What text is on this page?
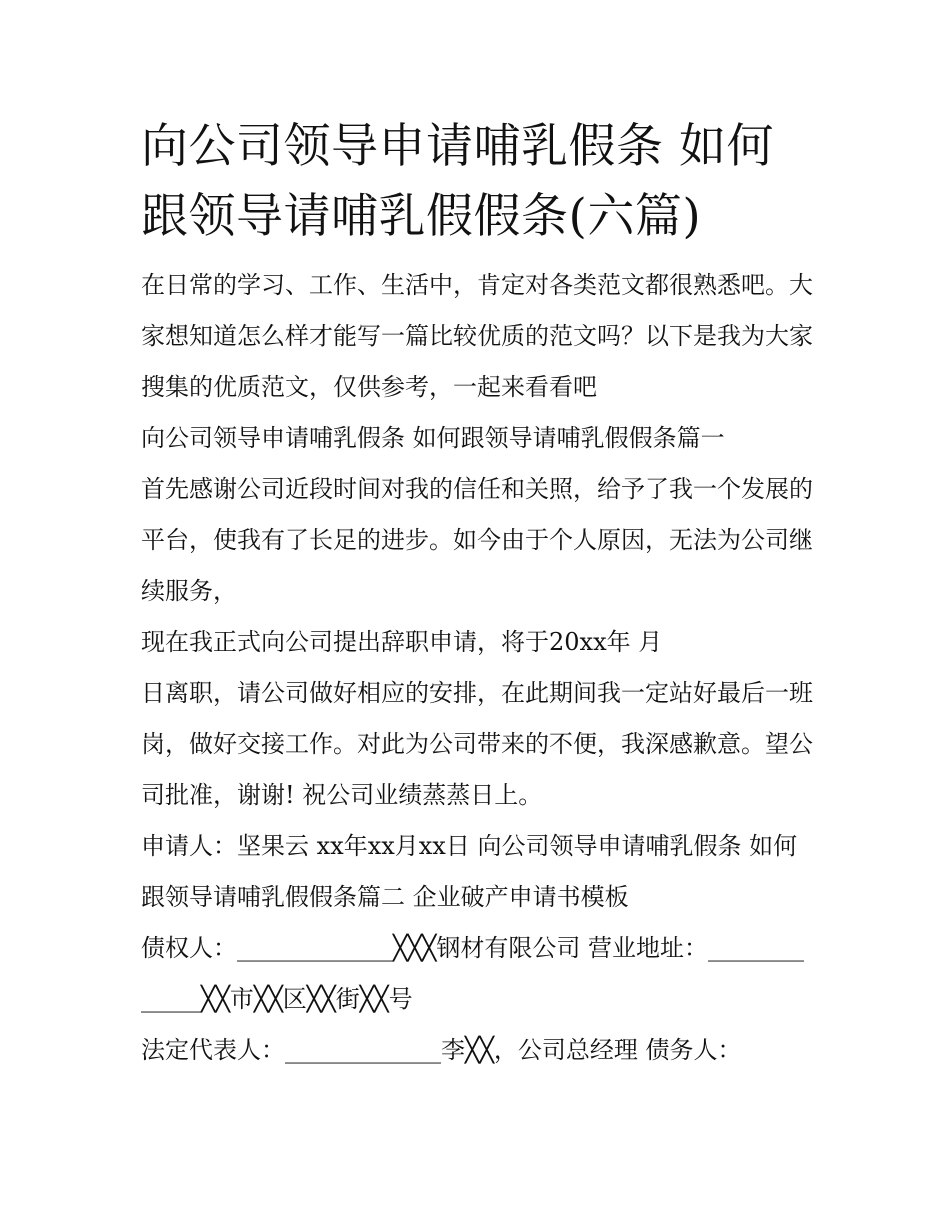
向公司领导申请哺乳假条 如何跟领导请哺乳假假条(六篇)

在日常的学习、工作、生活中，肯定对各类范文都很熟悉吧。大家想知道怎么样才能写一篇比较优质的范文吗？以下是我为大家搜集的优质范文，仅供参考，一起来看看吧

向公司领导申请哺乳假条 如何跟领导请哺乳假假条篇一

首先感谢公司近段时间对我的信任和关照，给予了我一个发展的平台，使我有了长足的进步。如今由于个人原因，无法为公司继续服务，

现在我正式向公司提出辞职申请，将于20xx年 月

日离职，请公司做好相应的安排，在此期间我一定站好最后一班岗，做好交接工作。对此为公司带来的不便，我深感歉意。望公司批准，谢谢! 祝公司业绩蒸蒸日上。

申请人：坚果云 xx年xx月xx日 向公司领导申请哺乳假条 如何跟领导请哺乳假假条篇二 企业破产申请书模板

债权人：_____________╳╳╳钢材有限公司 营业地址：_____________╳╳市╳╳区╳╳街╳╳号

法定代表人：_____________李╳╳，公司总经理 债务人：
